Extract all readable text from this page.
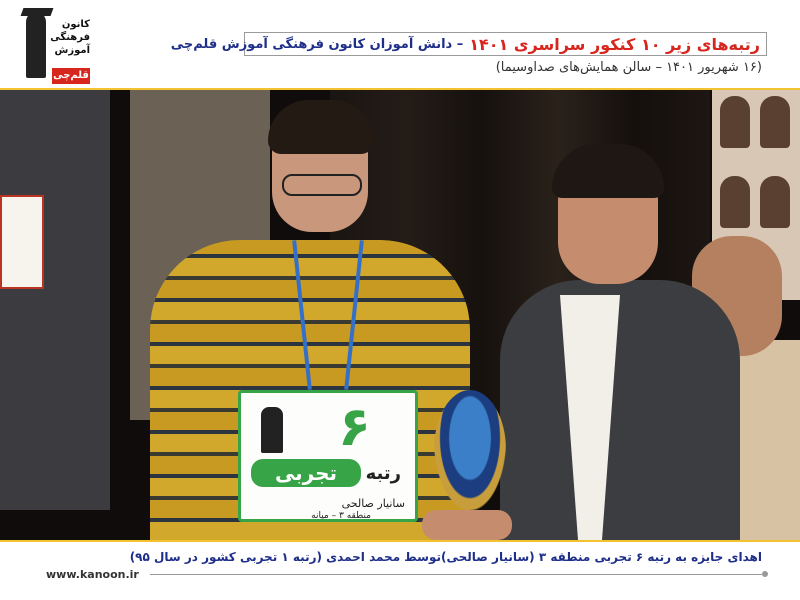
کانون
فرهنگی
آموزش
قلم‌چی
رتبه‌های زیر ۱۰ کنکور سراسری ۱۴۰۱
– دانش آموزان کانون فرهنگی آموزش قلم‌چی
(۱۶ شهریور ۱۴۰۱ – سالن همایش‌های صداوسیما)
۶
تجربی	رتبه
سانیار صالحی
منطقه ۳ – میانه
اهدای جایزه به رتبه ۶ تجربی منطقه ۳ (سانیار صالحی)توسط محمد احمدی (رتبه ۱ تجربی کشور در سال ۹۵)
www.kanoon.ir
